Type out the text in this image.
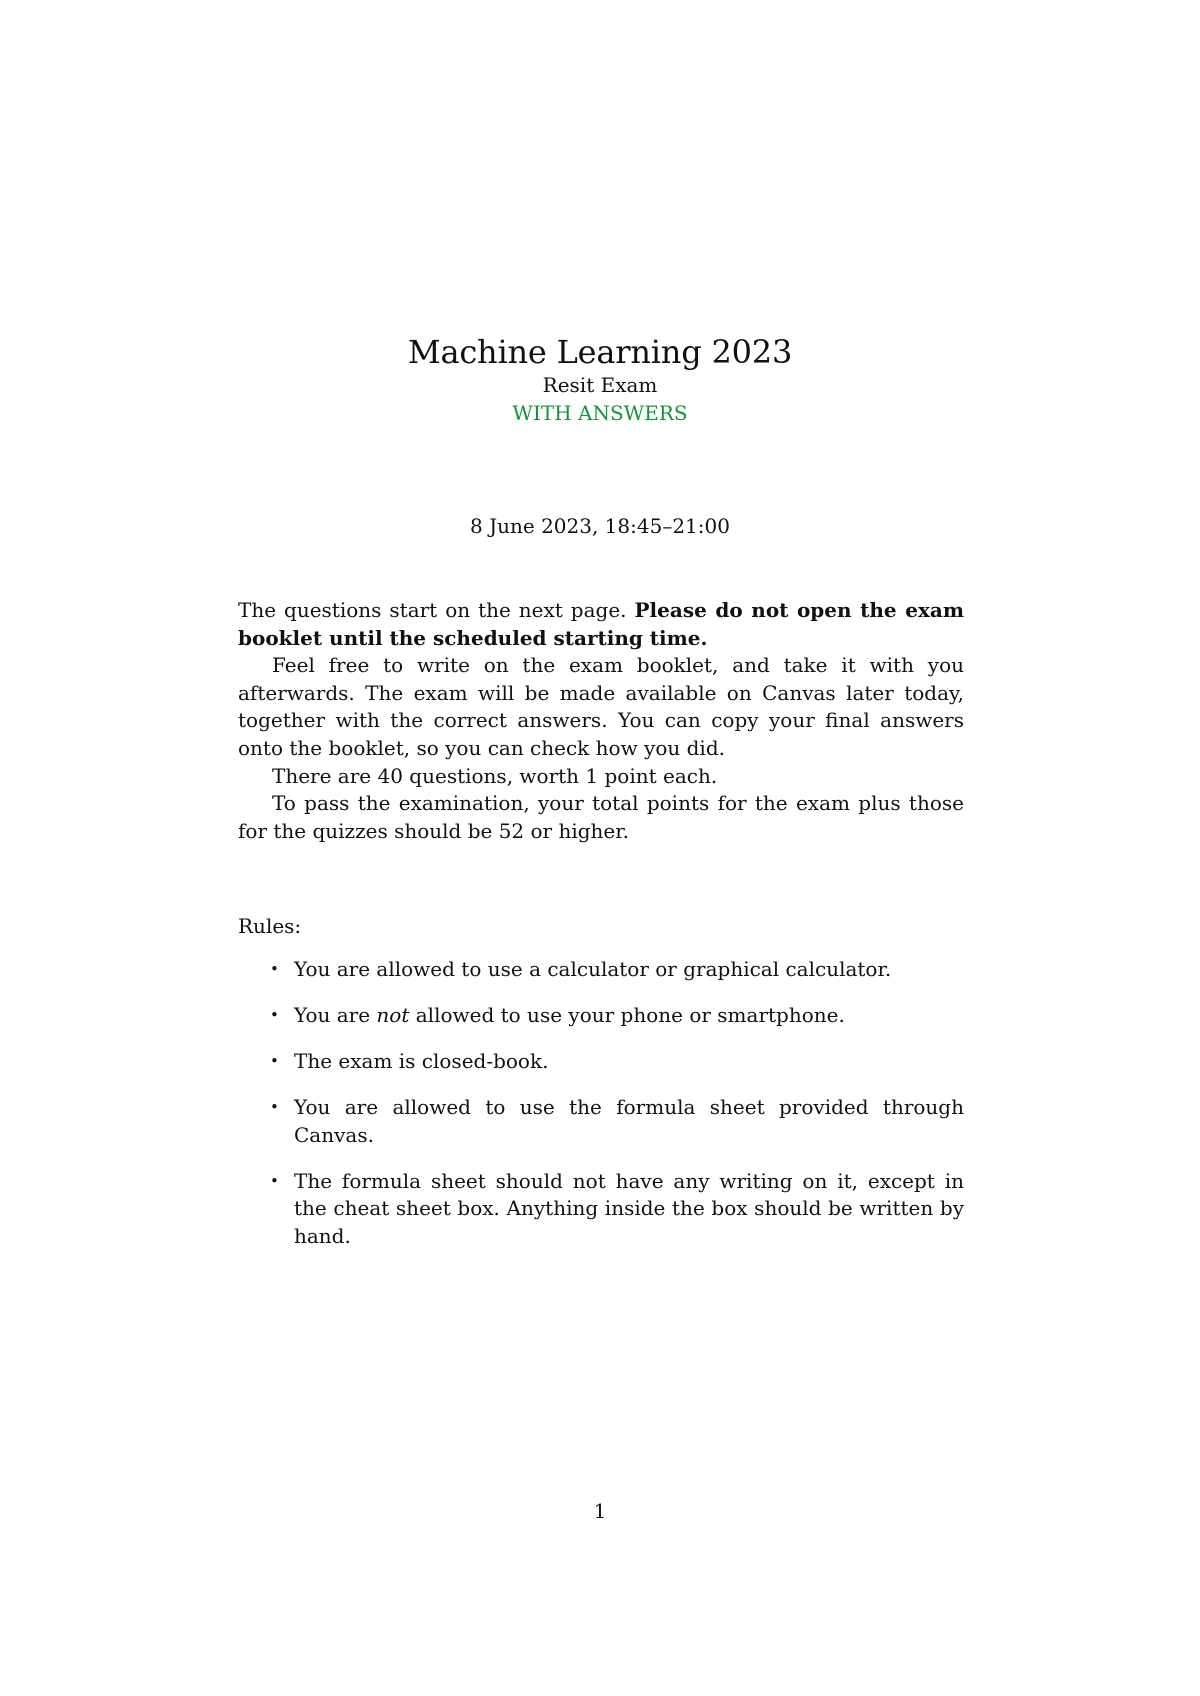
Machine Learning 2023
Resit Exam
WITH ANSWERS
8 June 2023, 18:45–21:00

The questions start on the next page. Please do not open the exam booklet until the scheduled starting time.

Feel free to write on the exam booklet, and take it with you afterwards. The exam will be made available on Canvas later today, together with the correct answers. You can copy your final answers onto the booklet, so you can check how you did.

There are 40 questions, worth 1 point each.

To pass the examination, your total points for the exam plus those for the quizzes should be 52 or higher.

Rules:
• You are allowed to use a calculator or graphical calculator.
• You are not allowed to use your phone or smartphone.
• The exam is closed-book.
• You are allowed to use the formula sheet provided through Canvas.
• The formula sheet should not have any writing on it, except in the cheat sheet box. Anything inside the box should be written by hand.
1
